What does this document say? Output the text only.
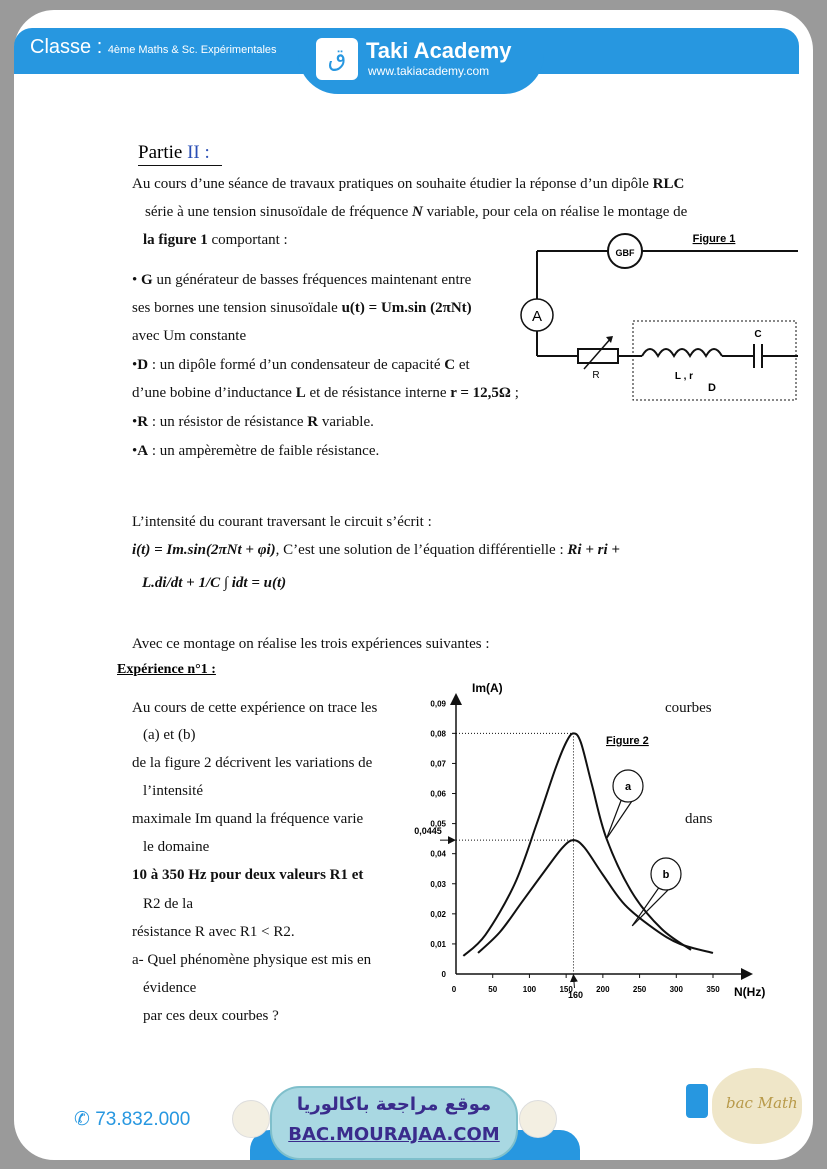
Classe : 4ème Maths & Sc. Expérimentales	ق Taki Academy
www.takiacademy.com
Partie II :
Au cours d’une séance de travaux pratiques on souhaite étudier la réponse d’un dipôle RLC
série à une tension sinusoïdale de fréquence N variable, pour cela on réalise le montage de
la figure 1 comportant :
• G un générateur de basses fréquences maintenant entre
ses bornes une tension sinusoïdale u(t) = Um.sin (2πNt)
avec Um constante
•D : un dipôle formé d’un condensateur de capacité C et
d’une bobine d’inductance L et de résistance interne r = 12,5Ω ;
•R : un résistor de résistance R variable.
•A : un ampèremètre de faible résistance.
GBF
A
R	L , r
C
D
Figure 1
L’intensité du courant traversant le circuit s’écrit :
i(t) = Im.sin(2πNt + φi), C’est une solution de l’équation différentielle : Ri + ri +
L.di/dt + 1/C ∫ idt = u(t)
Avec ce montage on réalise les trois expériences suivantes :
Expérience n°1 :
Au cours de cette expérience on trace les
(a) et (b)
de la figure 2 décrivent les variations de
l’intensité
maximale Im quand la fréquence varie
le domaine
10 à 350 Hz pour deux valeurs R1 et
R2 de la
résistance R avec R1 < R2.
a- Quel phénomène physique est mis en
évidence
par ces deux courbes ?
courbes
dans
0
0,01
0,02
0,03
0,04
0,05
0,06
0,07
0,08
0,09
0	50	100	150	200	250	300	350
0,0445
160
a
b
Im(A)
N(Hz)
Figure 2
✆ 73.832.000
موقع مراجعة باكالوريا
BAC.MOURAJAA.COM
bac Math
